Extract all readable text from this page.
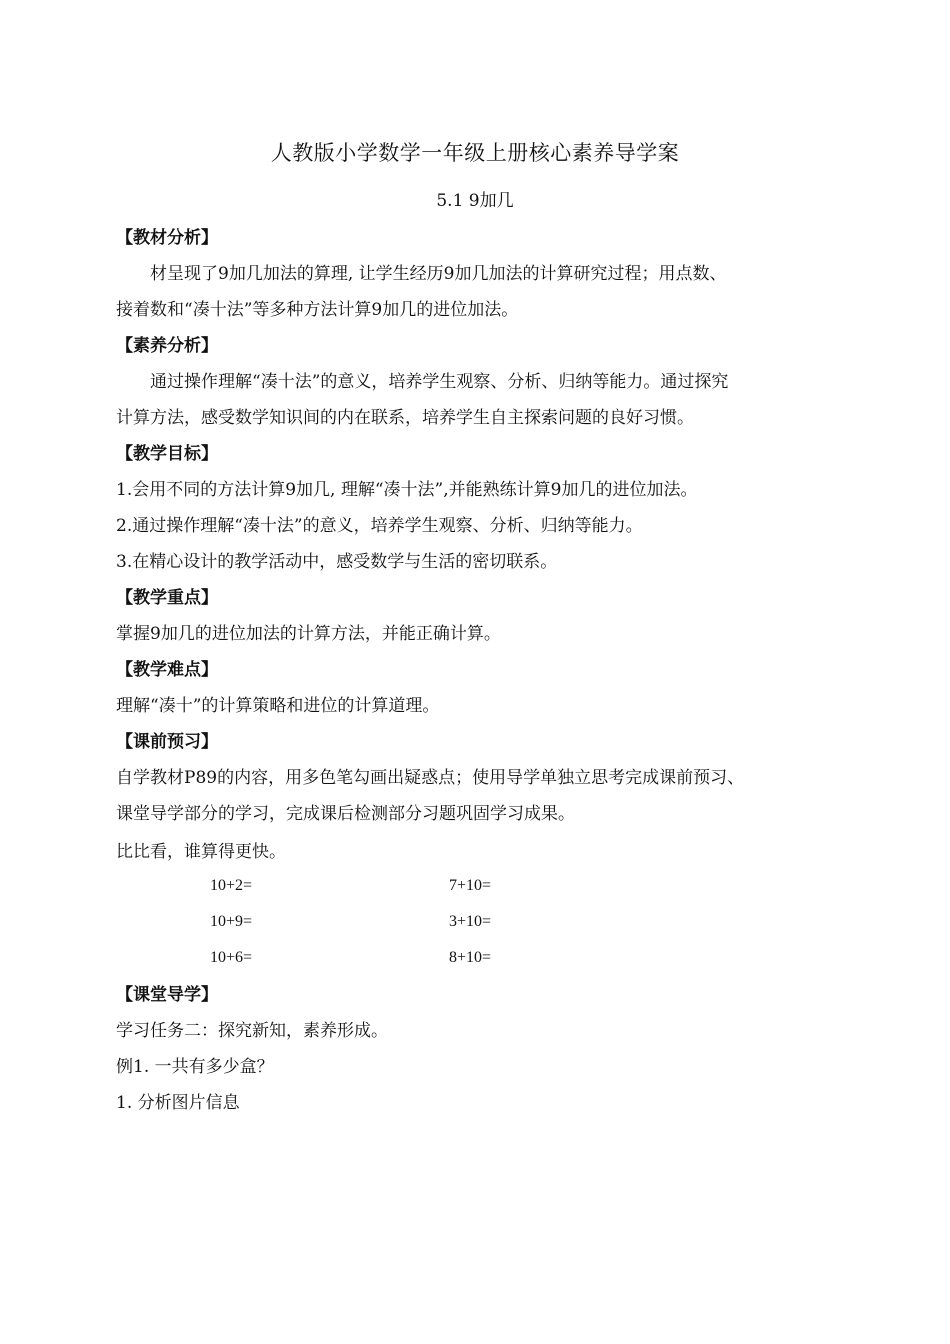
人教版小学数学一年级上册核心素养导学案
5.1 9加几
【教材分析】
材呈现了9加几加法的算理, 让学生经历9加几加法的计算研究过程；用点数、
接着数和“凑十法”等多种方法计算9加几的进位加法。
【素养分析】
通过操作理解“凑十法”的意义，培养学生观察、分析、归纳等能力。通过探究
计算方法，感受数学知识间的内在联系，培养学生自主探索问题的良好习惯。
【教学目标】
1.会用不同的方法计算9加几, 理解“凑十法”,并能熟练计算9加几的进位加法。
2.通过操作理解“凑十法”的意义，培养学生观察、分析、归纳等能力。
3.在精心设计的教学活动中，感受数学与生活的密切联系。
【教学重点】
掌握9加几的进位加法的计算方法，并能正确计算。
【教学难点】
理解“凑十”的计算策略和进位的计算道理。
【课前预习】
自学教材P89的内容，用多色笔勾画出疑惑点；使用导学单独立思考完成课前预习、
课堂导学部分的学习，完成课后检测部分习题巩固学习成果。
比比看，谁算得更快。
10+2=	7+10=
10+9=	3+10=
10+6=	8+10=
【课堂导学】
学习任务二：探究新知，素养形成。
例1. 一共有多少盒？
1. 分析图片信息
